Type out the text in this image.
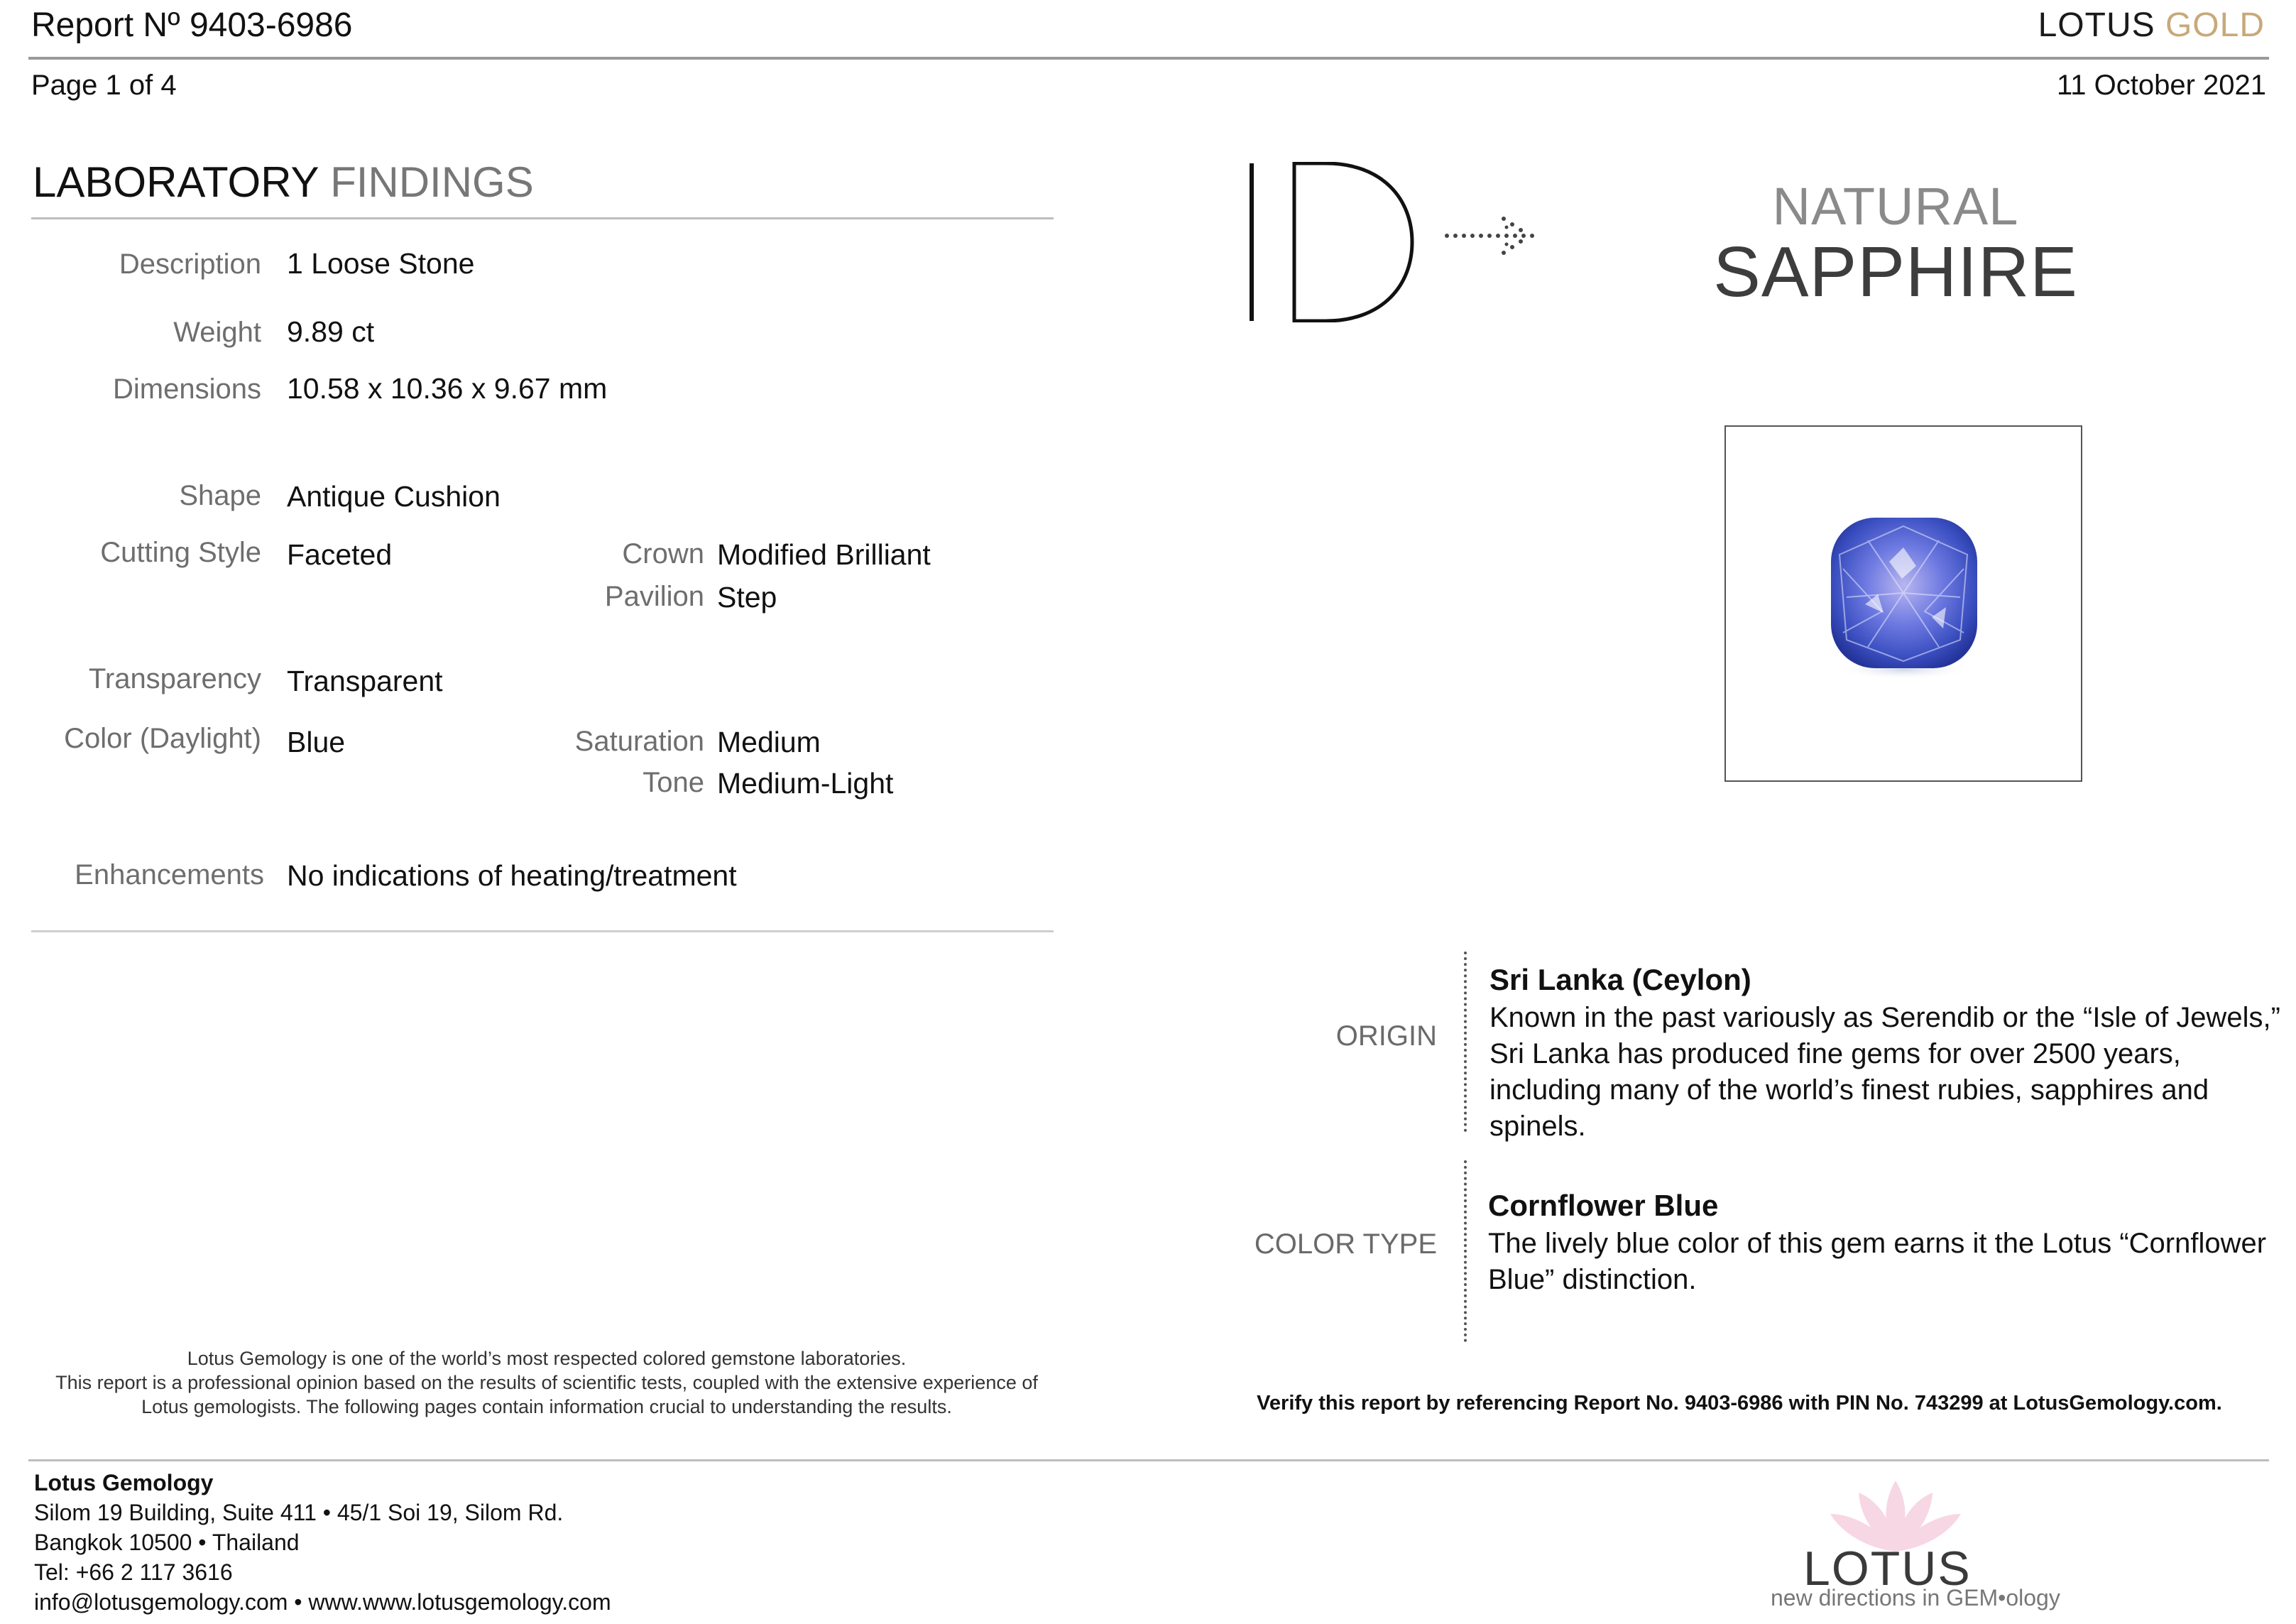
Report Nº 9403-6986	LOTUS GOLD
Page 1 of 4	11 October 2021
LABORATORY FINDINGS
Description 1 Loose Stone
Weight 9.89 ct
Dimensions 10.58 x 10.36 x 9.67 mm
Shape Antique Cushion
Cutting Style Faceted	Crown Modified Brilliant
Pavilion Step
Transparency Transparent
Color (Daylight) Blue	Saturation Medium
Tone Medium-Light
Enhancements No indications of heating/treatment
NATURAL
SAPPHIRE
ORIGIN
Sri Lanka (Ceylon)
Known in the past variously as Serendib or the “Isle of Jewels,” Sri Lanka has produced fine gems for over 2500 years, including many of the world’s finest rubies, sapphires and spinels.
COLOR TYPE
Cornflower Blue
The lively blue color of this gem earns it the Lotus “Cornflower Blue” distinction.
Lotus Gemology is one of the world’s most respected colored gemstone laboratories.
This report is a professional opinion based on the results of scientific tests, coupled with the extensive experience of
Lotus gemologists. The following pages contain information crucial to understanding the results.	Verify this report by referencing Report No. 9403-6986 with PIN No. 743299 at LotusGemology.com.
Lotus Gemology
Silom 19 Building, Suite 411 • 45/1 Soi 19, Silom Rd.
Bangkok 10500 • Thailand
Tel: +66 2 117 3616
info@lotusgemology.com • www.www.lotusgemology.com
LOTUS
new directions in GEM•ology
